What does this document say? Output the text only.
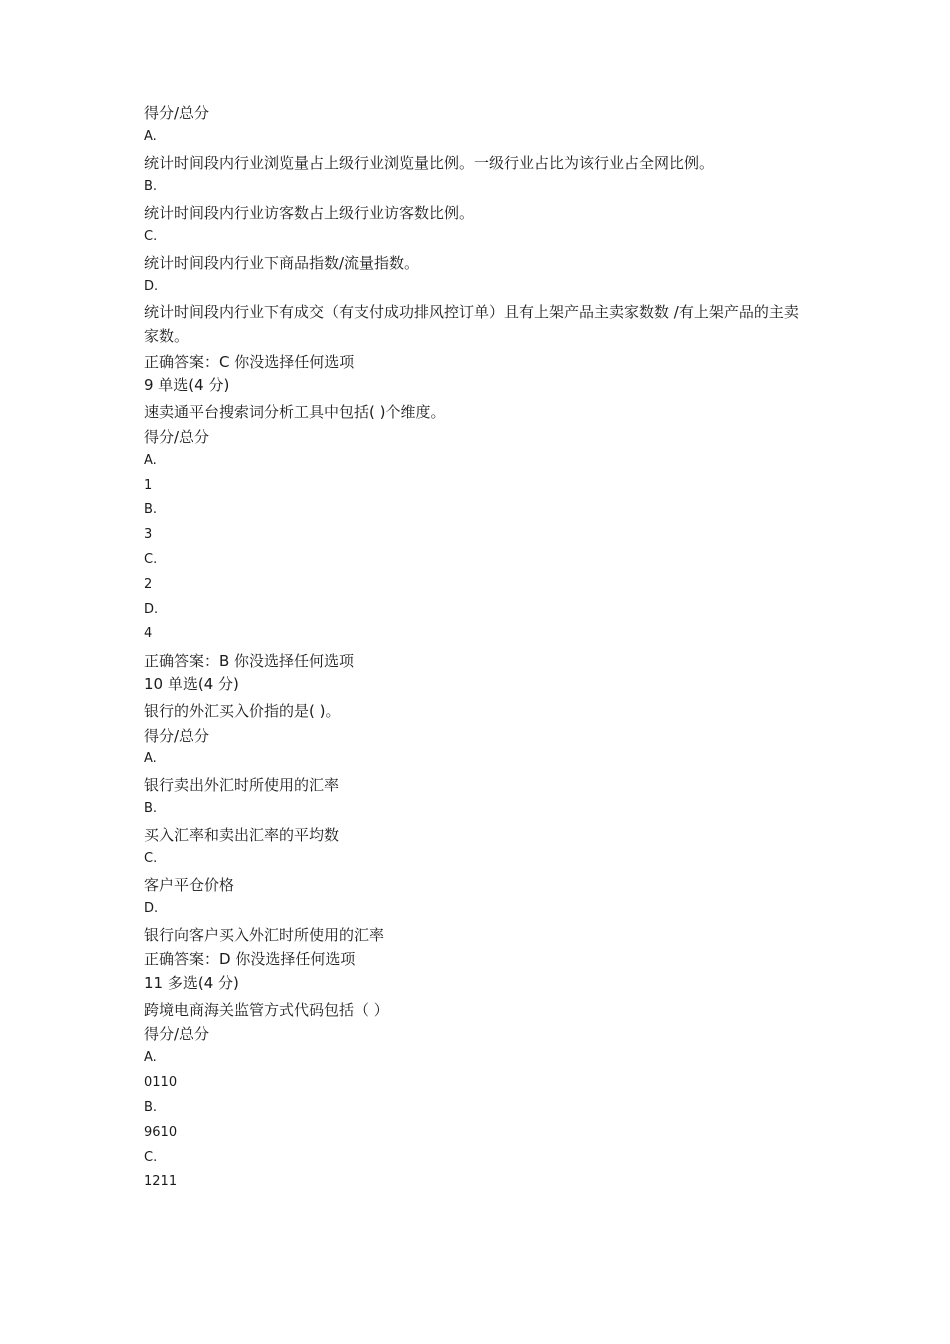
得分/总分
A.
统计时间段内行业浏览量占上级行业浏览量比例。一级行业占比为该行业占全网比例。
B.
统计时间段内行业访客数占上级行业访客数比例。
C.
统计时间段内行业下商品指数/流量指数。
D.
统计时间段内行业下有成交（有支付成功排风控订单）且有上架产品主卖家数数 /有上架产品的主卖家数。
正确答案：C 你没选择任何选项
9 单选(4 分)
速卖通平台搜索词分析工具中包括( )个维度。
得分/总分
A.
1
B.
3
C.
2
D.
4
正确答案：B 你没选择任何选项
10 单选(4 分)
银行的外汇买入价指的是( )。
得分/总分
A.
银行卖出外汇时所使用的汇率
B.
买入汇率和卖出汇率的平均数
C.
客户平仓价格
D.
银行向客户买入外汇时所使用的汇率
正确答案：D 你没选择任何选项
11 多选(4 分)
跨境电商海关监管方式代码包括（ ）
得分/总分
A.
0110
B.
9610
C.
1211
